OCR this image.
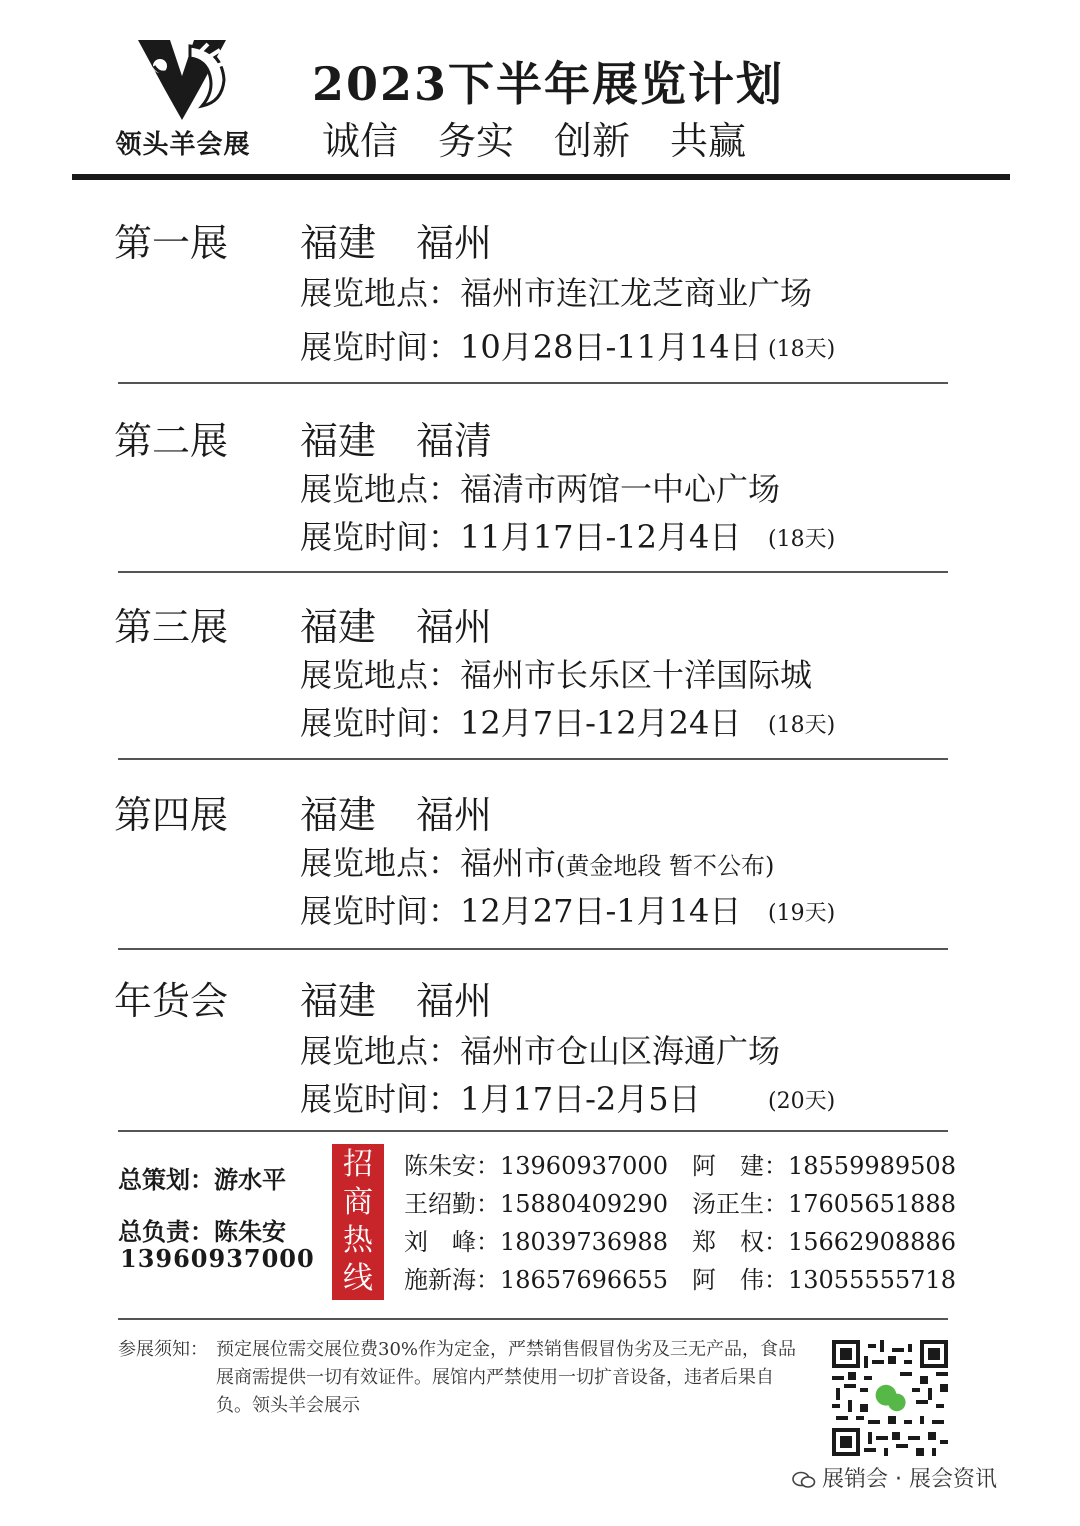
领头羊会展
2023下半年展览计划
诚信 务实 创新 共赢
第一展 福建 福州
展览地点：福州市连江龙芝商业广场
展览时间：10月28日-11月14日 (18天)
第二展 福建 福清
展览地点：福清市两馆一中心广场
展览时间：11月17日-12月4日 (18天)
第三展 福建 福州
展览地点：福州市长乐区十洋国际城
展览时间：12月7日-12月24日 (18天)
第四展 福建 福州
展览地点：福州市(黄金地段 暂不公布)
展览时间：12月27日-1月14日 (19天)
年货会 福建 福州
展览地点：福州市仓山区海通广场
展览时间：1月17日-2月5日	(20天)
总策划：游水平
总负责：陈朱安
13960937000
招
商
热
线
陈朱安：13960937000 阿　建：18559989508
王绍勤：15880409290 汤正生：17605651888
刘　峰：18039736988 郑　权：15662908886
施新海：18657696655 阿　伟：13055555718
参展须知： 预定展位需交展位费30%作为定金，严禁销售假冒伪劣及三无产品，食品展商需提供一切有效证件。展馆内严禁使用一切扩音设备，违者后果自负。领头羊会展示
展销会 · 展会资讯
